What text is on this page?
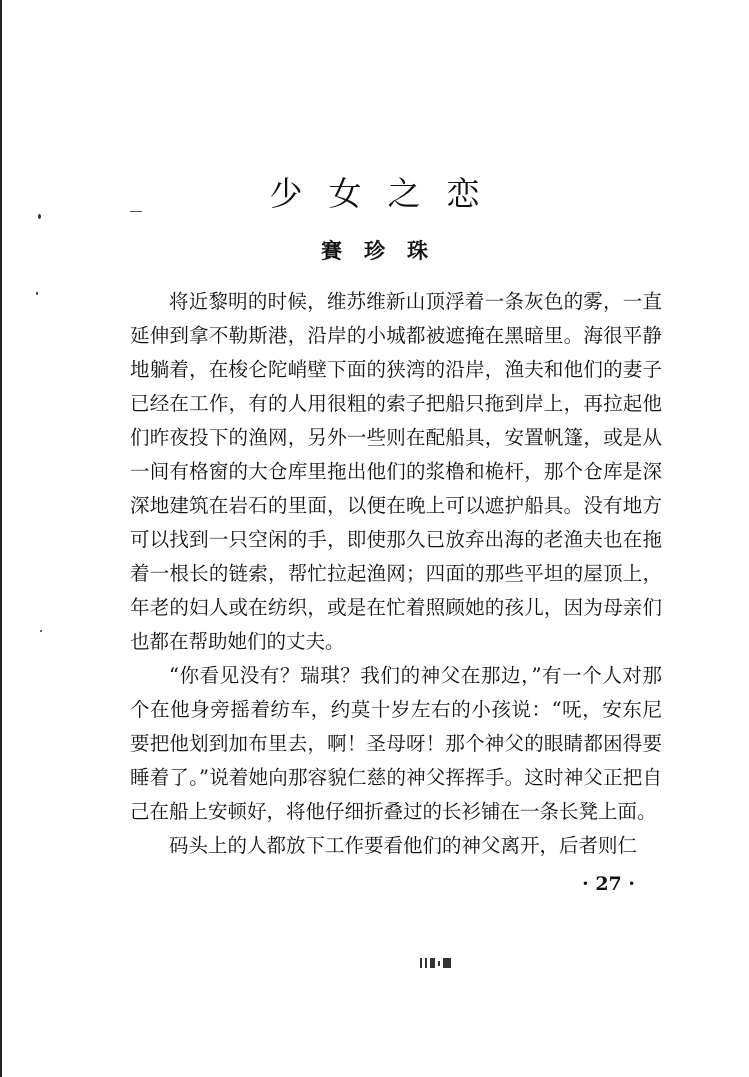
少女之恋
賽珍珠

将近黎明的时候，维苏维新山顶浮着一条灰色的雾，一直延伸到拿不勒斯港，沿岸的小城都被遮掩在黑暗里。海很平静地躺着，在梭仑陀峭壁下面的狭湾的沿岸，渔夫和他们的妻子已经在工作，有的人用很粗的索子把船只拖到岸上，再拉起他们昨夜投下的渔网，另外一些则在配船具，安置帆篷，或是从一间有格窗的大仓库里拖出他们的浆橹和桅杆，那个仓库是深深地建筑在岩石的里面，以便在晚上可以遮护船具。没有地方可以找到一只空闲的手，即使那久已放弃出海的老渔夫也在拖着一根长的链索，帮忙拉起渔网；四面的那些平坦的屋顶上，年老的妇人或在纺织，或是在忙着照顾她的孩儿，因为母亲们也都在帮助她们的丈夫。

“你看见没有？瑞琪？我们的神父在那边，”有一个人对那个在他身旁摇着纺车，约莫十岁左右的小孩说：“呒，安东尼要把他划到加布里去，啊！圣母呀！那个神父的眼睛都困得要睡着了。”说着她向那容貌仁慈的神父挥挥手。这时神父正把自己在船上安顿好，将他仔细折叠过的长衫铺在一条长凳上面。

码头上的人都放下工作要看他们的神父离开，后者则仁

· 27 ·
